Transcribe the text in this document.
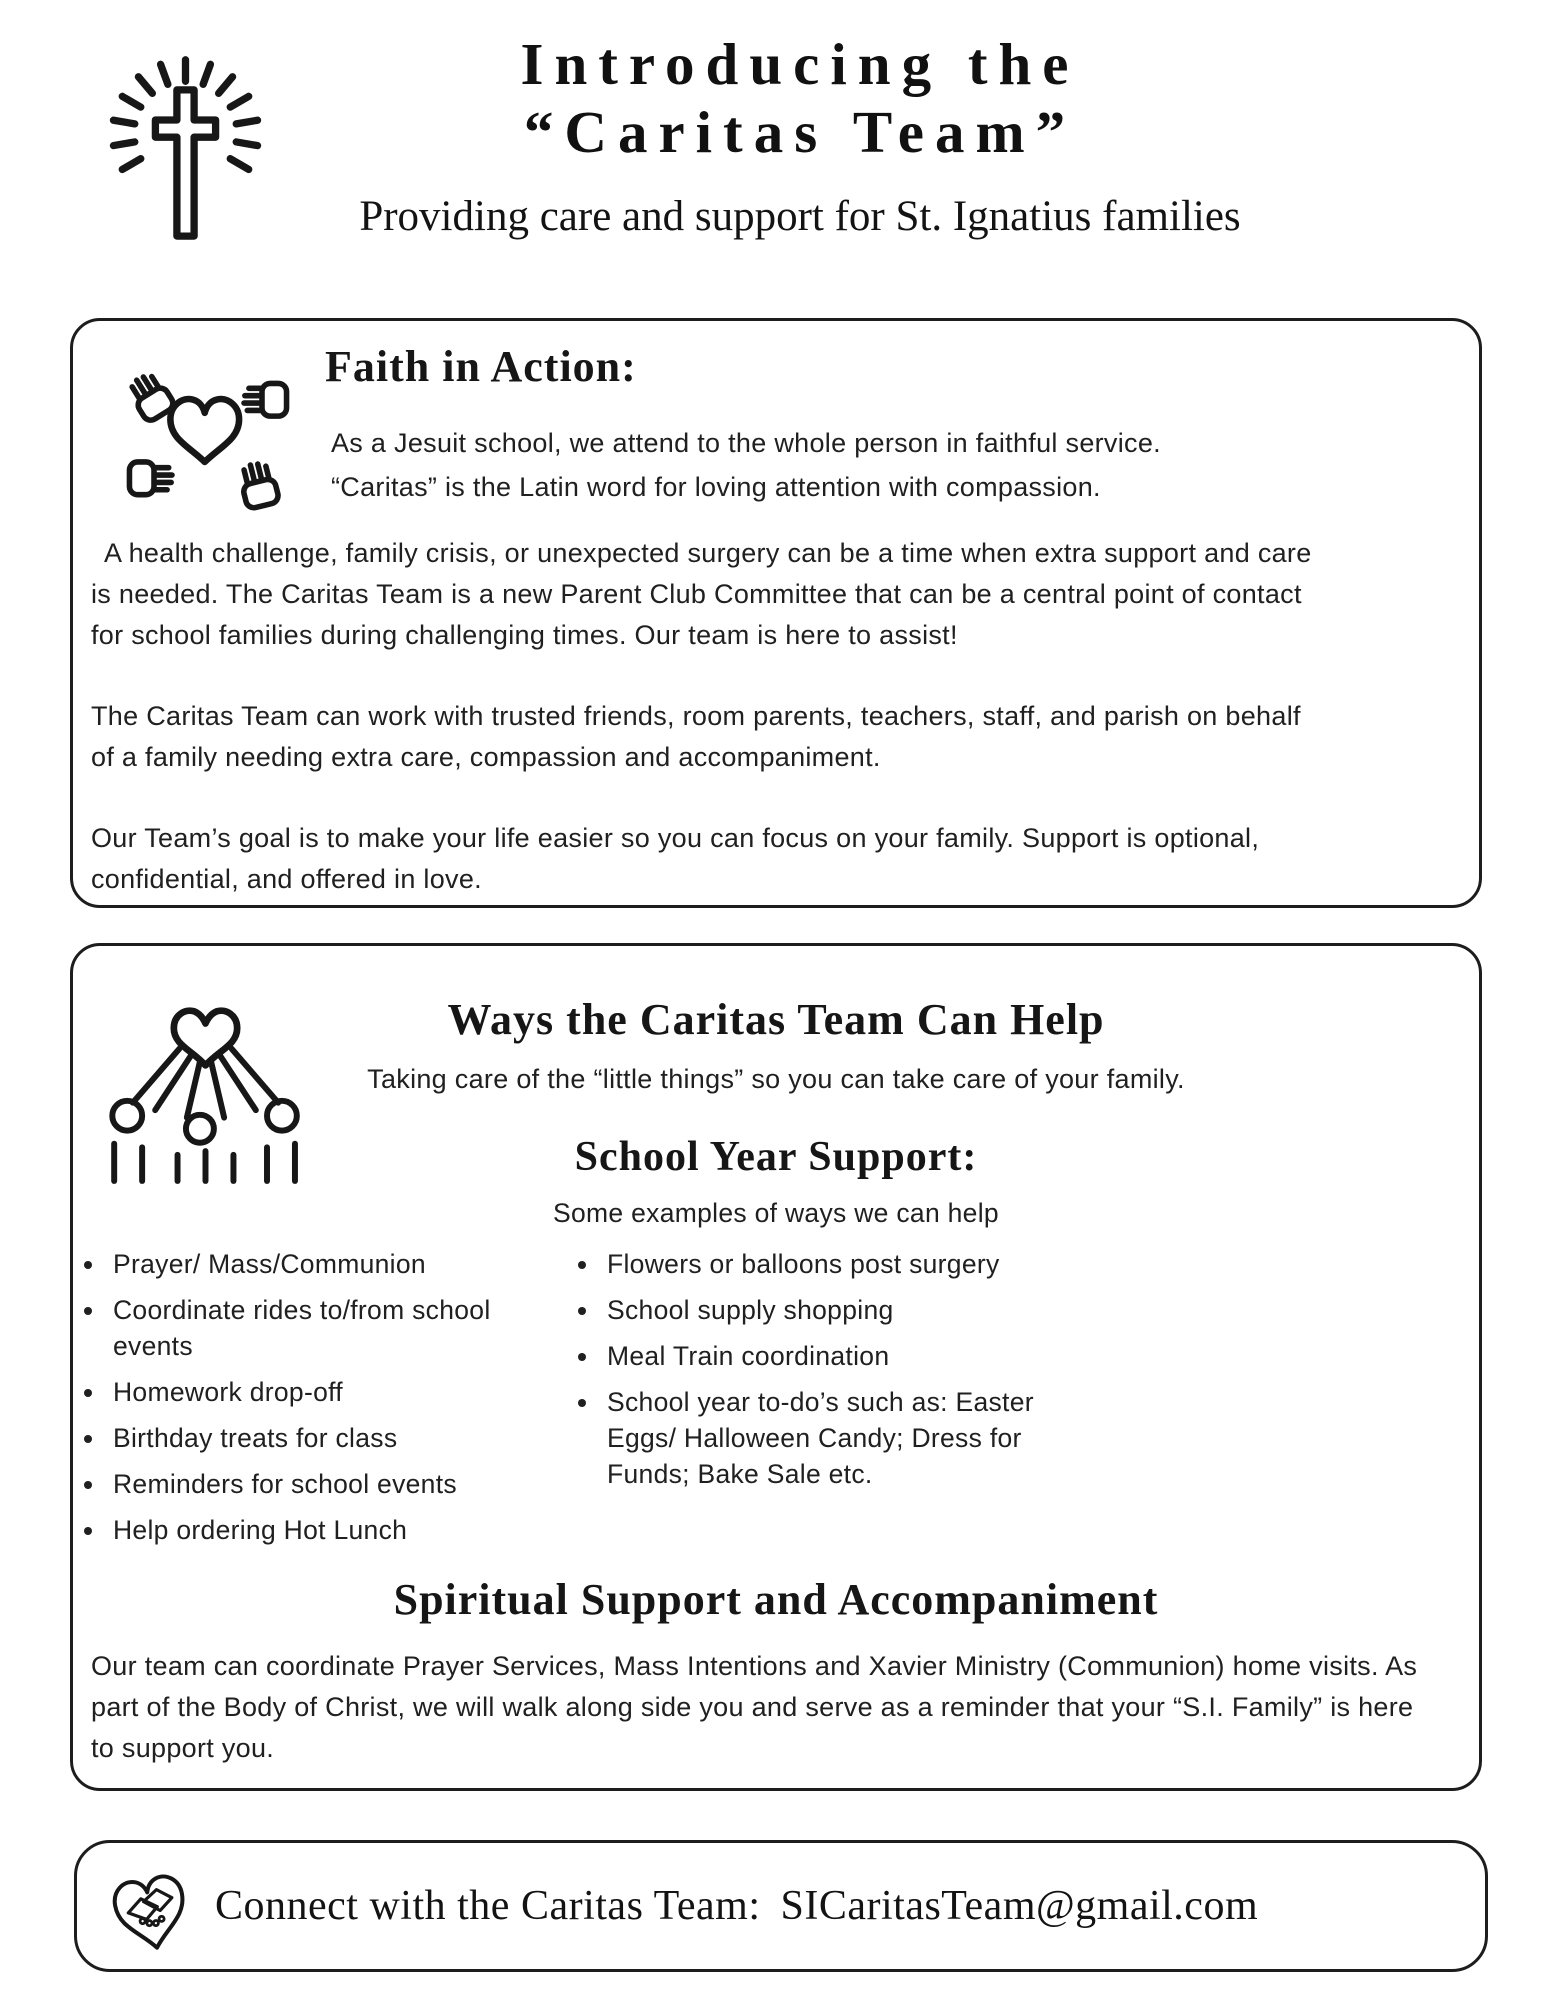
Introducing the
“Caritas Team”
Providing care and support for St. Ignatius families
Faith in Action:
As a Jesuit school, we attend to the whole person in faithful service.
“Caritas” is the Latin word for loving attention with compassion.

A health challenge, family crisis, or unexpected surgery can be a time when extra support and care is needed. The Caritas Team is a new Parent Club Committee that can be a central point of contact for school families during challenging times. Our team is here to assist!

The Caritas Team can work with trusted friends, room parents, teachers, staff, and parish on behalf of a family needing extra care, compassion and accompaniment.

Our Team’s goal is to make your life easier so you can focus on your family. Support is optional, confidential, and offered in love.

Ways the Caritas Team Can Help
Taking care of the “little things” so you can take care of your family.
School Year Support:
Some examples of ways we can help
• Prayer/ Mass/Communion
• Coordinate rides to/from school events
• Homework drop-off
• Birthday treats for class
• Reminders for school events
• Help ordering Hot Lunch
• Flowers or balloons post surgery
• School supply shopping
• Meal Train coordination
• School year to-do’s such as: Easter Eggs/ Halloween Candy; Dress for Funds; Bake Sale etc.
Spiritual Support and Accompaniment
Our team can coordinate Prayer Services, Mass Intentions and Xavier Ministry (Communion) home visits. As part of the Body of Christ, we will walk along side you and serve as a reminder that your “S.I. Family” is here to support you.
Connect with the Caritas Team: SICaritasTeam@gmail.com
